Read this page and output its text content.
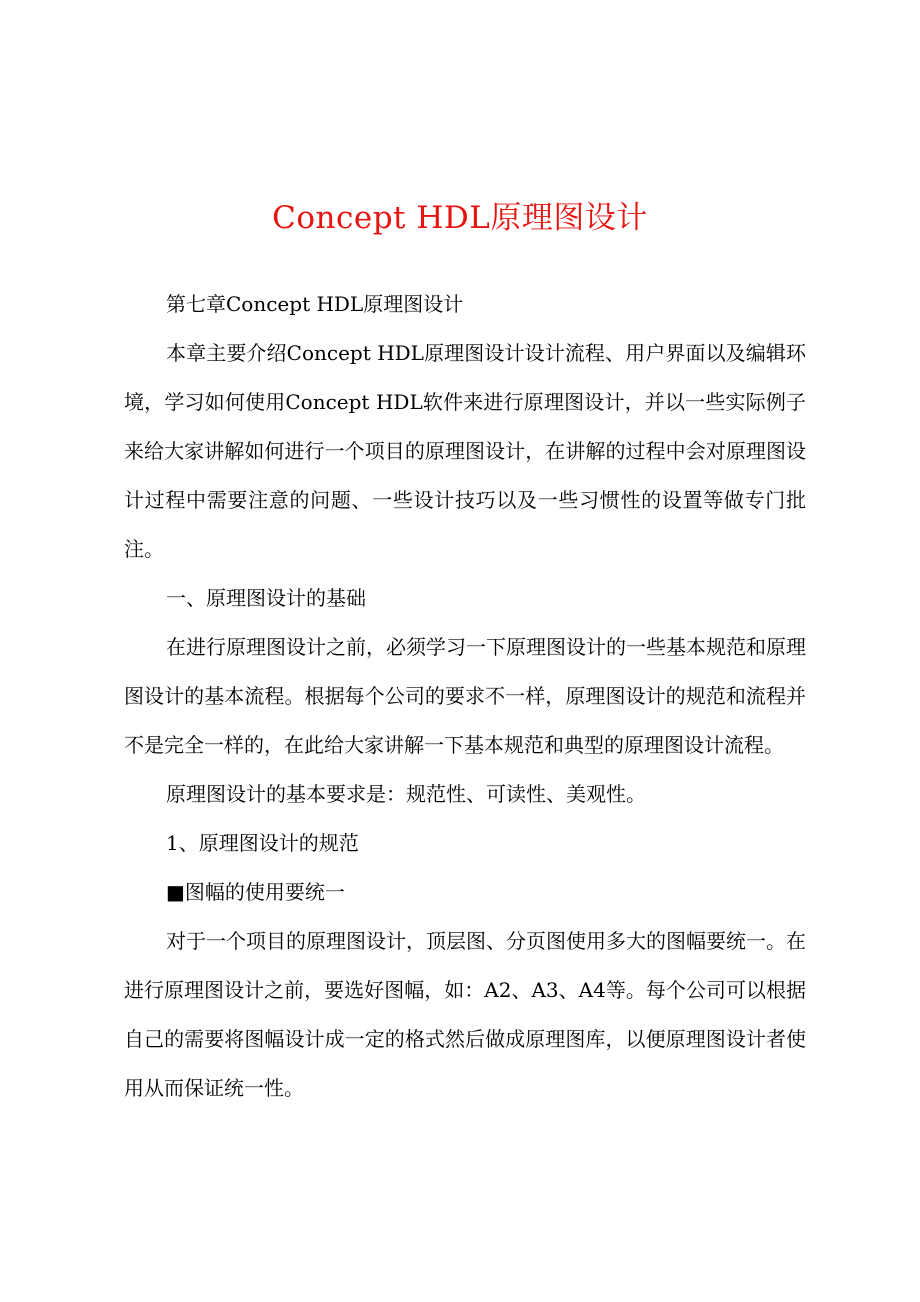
Concept HDL原理图设计

第七章Concept HDL原理图设计

本章主要介绍Concept HDL原理图设计设计流程、用户界面以及编辑环境，学习如何使用Concept HDL软件来进行原理图设计，并以一些实际例子来给大家讲解如何进行一个项目的原理图设计，在讲解的过程中会对原理图设计过程中需要注意的问题、一些设计技巧以及一些习惯性的设置等做专门批注。

一、原理图设计的基础

在进行原理图设计之前，必须学习一下原理图设计的一些基本规范和原理图设计的基本流程。根据每个公司的要求不一样，原理图设计的规范和流程并不是完全一样的，在此给大家讲解一下基本规范和典型的原理图设计流程。

原理图设计的基本要求是：规范性、可读性、美观性。

1、原理图设计的规范

■图幅的使用要统一

对于一个项目的原理图设计，顶层图、分页图使用多大的图幅要统一。在进行原理图设计之前，要选好图幅，如：A2、A3、A4等。每个公司可以根据自己的需要将图幅设计成一定的格式然后做成原理图库，以便原理图设计者使用从而保证统一性。
